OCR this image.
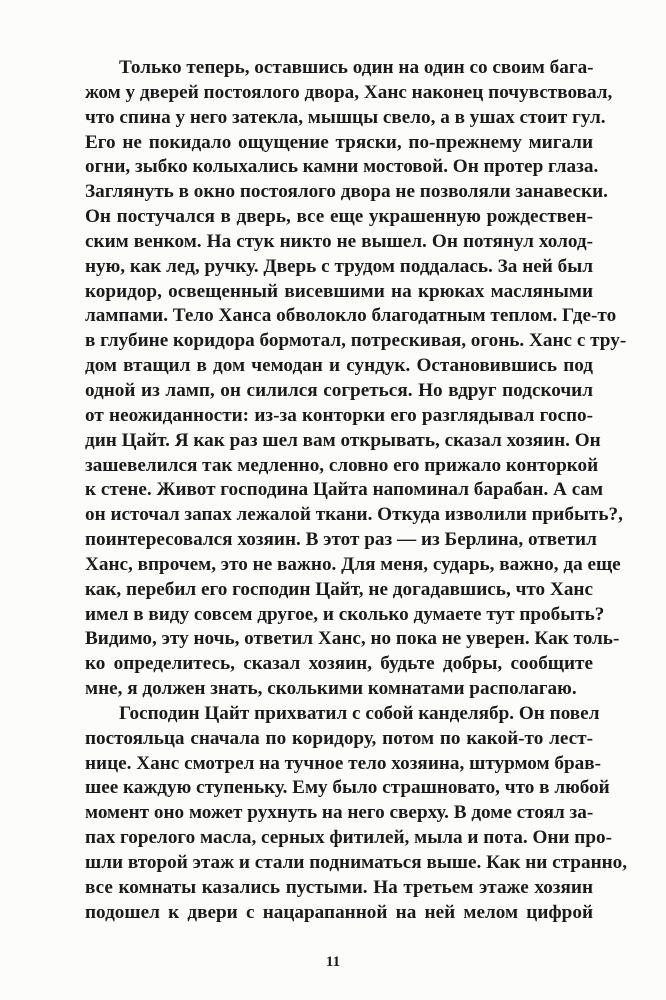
Только теперь, оставшись один на один со своим бага-
жом у дверей постоялого двора, Ханс наконец почувствовал,
что спина у него затекла, мышцы свело, а в ушах стоит гул.
Его не покидало ощущение тряски, по-прежнему мигали
огни, зыбко колыхались камни мостовой. Он протер глаза.
Заглянуть в окно постоялого двора не позволяли занавески.
Он постучался в дверь, все еще украшенную рождествен-
ским венком. На стук никто не вышел. Он потянул холод-
ную, как лед, ручку. Дверь с трудом поддалась. За ней был
коридор, освещенный висевшими на крюках масляными
лампами. Тело Ханса обволокло благодатным теплом. Где-то
в глубине коридора бормотал, потрескивая, огонь. Ханс с тру-
дом втащил в дом чемодан и сундук. Остановившись под
одной из ламп, он силился согреться. Но вдруг подскочил
от неожиданности: из-за конторки его разглядывал госпо-
дин Цайт. Я как раз шел вам открывать, сказал хозяин. Он
зашевелился так медленно, словно его прижало конторкой
к стене. Живот господина Цайта напоминал барабан. А сам
он источал запах лежалой ткани. Откуда изволили прибыть?,
поинтересовался хозяин. В этот раз — из Берлина, ответил
Ханс, впрочем, это не важно. Для меня, сударь, важно, да еще
как, перебил его господин Цайт, не догадавшись, что Ханс
имел в виду совсем другое, и сколько думаете тут пробыть?
Видимо, эту ночь, ответил Ханс, но пока не уверен. Как толь-
ко определитесь, сказал хозяин, будьте добры, сообщите
мне, я должен знать, сколькими комнатами располагаю.
Господин Цайт прихватил с собой канделябр. Он повел
постояльца сначала по коридору, потом по какой-то лест-
нице. Ханс смотрел на тучное тело хозяина, штурмом брав-
шее каждую ступеньку. Ему было страшновато, что в любой
момент оно может рухнуть на него сверху. В доме стоял за-
пах горелого масла, серных фитилей, мыла и пота. Они про-
шли второй этаж и стали подниматься выше. Как ни странно,
все комнаты казались пустыми. На третьем этаже хозяин
подошел к двери с нацарапанной на ней мелом цифрой
11
